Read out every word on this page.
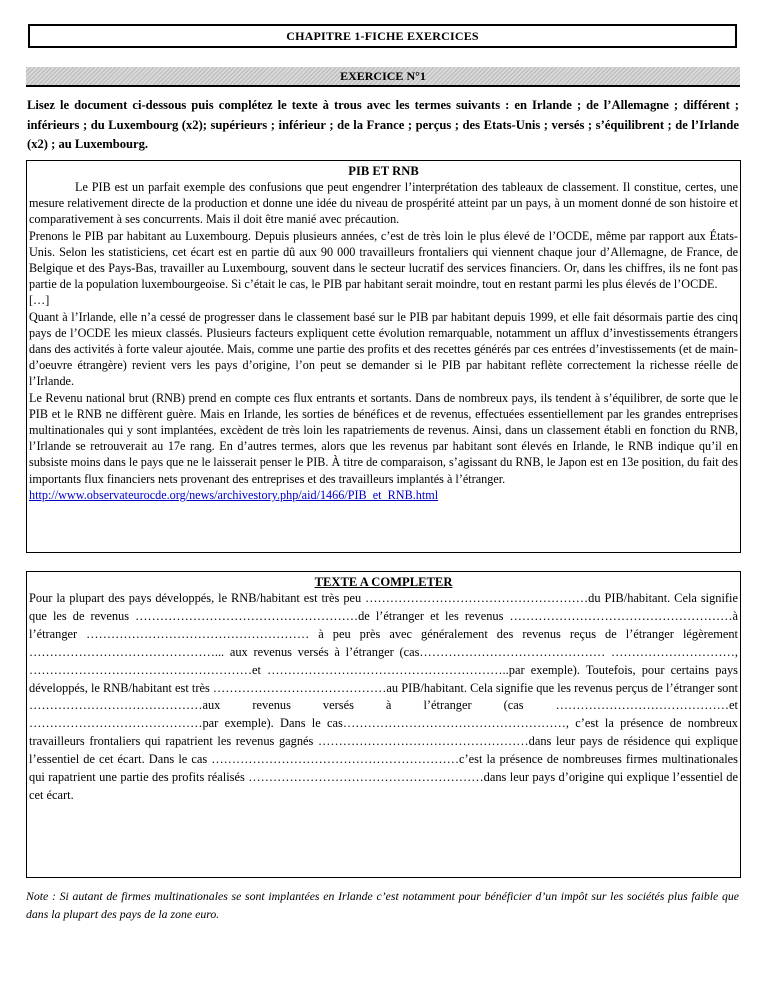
CHAPITRE 1-FICHE EXERCICES
EXERCICE N°1
Lisez le document ci-dessous puis complétez le texte à trous avec les termes suivants : en Irlande ; de l’Allemagne ; différent ; inférieurs ; du Luxembourg (x2); supérieurs ; inférieur ; de la France ; perçus ; des Etats-Unis ; versés ; s’équilibrent ; de l’Irlande (x2) ; au Luxembourg.

PIB ET RNB

Le PIB est un parfait exemple des confusions que peut engendrer l’interprétation des tableaux de classement. Il constitue, certes, une mesure relativement directe de la production et donne une idée du niveau de prospérité atteint par un pays, à un moment donné de son histoire et comparativement à ses concurrents. Mais il doit être manié avec précaution.

Prenons le PIB par habitant au Luxembourg. Depuis plusieurs années, c’est de très loin le plus élevé de l’OCDE, même par rapport aux États-Unis. Selon les statisticiens, cet écart est en partie dû aux 90 000 travailleurs frontaliers qui viennent chaque jour d’Allemagne, de France, de Belgique et des Pays-Bas, travailler au Luxembourg, souvent dans le secteur lucratif des services financiers. Or, dans les chiffres, ils ne font pas partie de la population luxembourgeoise. Si c’était le cas, le PIB par habitant serait moindre, tout en restant parmi les plus élevés de l’OCDE.

[…]

Quant à l’Irlande, elle n’a cessé de progresser dans le classement basé sur le PIB par habitant depuis 1999, et elle fait désormais partie des cinq pays de l’OCDE les mieux classés. Plusieurs facteurs expliquent cette évolution remarquable, notamment un afflux d’investissements étrangers dans des activités à forte valeur ajoutée. Mais, comme une partie des profits et des recettes générés par ces entrées d’investissements (et de main-d’oeuvre étrangère) revient vers les pays d’origine, l’on peut se demander si le PIB par habitant reflète correctement la richesse réelle de l’Irlande.

Le Revenu national brut (RNB) prend en compte ces flux entrants et sortants. Dans de nombreux pays, ils tendent à s’équilibrer, de sorte que le PIB et le RNB ne diffèrent guère. Mais en Irlande, les sorties de bénéfices et de revenus, effectuées essentiellement par les grandes entreprises multinationales qui y sont implantées, excèdent de très loin les rapatriements de revenus. Ainsi, dans un classement établi en fonction du RNB, l’Irlande se retrouverait au 17e rang. En d’autres termes, alors que les revenus par habitant sont élevés en Irlande, le RNB indique qu’il en subsiste moins dans le pays que ne le laisserait penser le PIB. À titre de comparaison, s’agissant du RNB, le Japon est en 13e position, du fait des importants flux financiers nets provenant des entreprises et des travailleurs implantés à l’étranger.

http://www.observateurocde.org/news/archivestory.php/aid/1466/PIB_et_RNB.html

TEXTE A COMPLETER

Pour la plupart des pays développés, le RNB/habitant est très peu ………………………………………………du PIB/habitant. Cela signifie que les de revenus ………………………………………………de l’étranger et les revenus ………………………………………………à l’étranger ……………………………………………… à peu près avec généralement des revenus reçus de l’étranger légèrement ………………………………………... aux revenus versés à l’étranger (cas……………………………………… …………………………, ………………………………………………et …………………………………………………..par exemple). Toutefois, pour certains pays développés, le RNB/habitant est très ……………………………………au PIB/habitant. Cela signifie que les revenus perçus de l’étranger sont ……………………………………aux revenus versés à l’étranger (cas ……………………………………et ……………………………………par exemple). Dans le cas………………………………………………, c’est la présence de nombreux travailleurs frontaliers qui rapatrient les revenus gagnés ……………………………………………dans leur pays de résidence qui explique l’essentiel de cet écart. Dans le cas ……………………………………………………c’est la présence de nombreuses firmes multinationales qui rapatrient une partie des profits réalisés …………………………………………………dans leur pays d’origine qui explique l’essentiel de cet écart.

Note : Si autant de firmes multinationales se sont implantées en Irlande c’est notamment pour bénéficier d’un impôt sur les sociétés plus faible que dans la plupart des pays de la zone euro.
